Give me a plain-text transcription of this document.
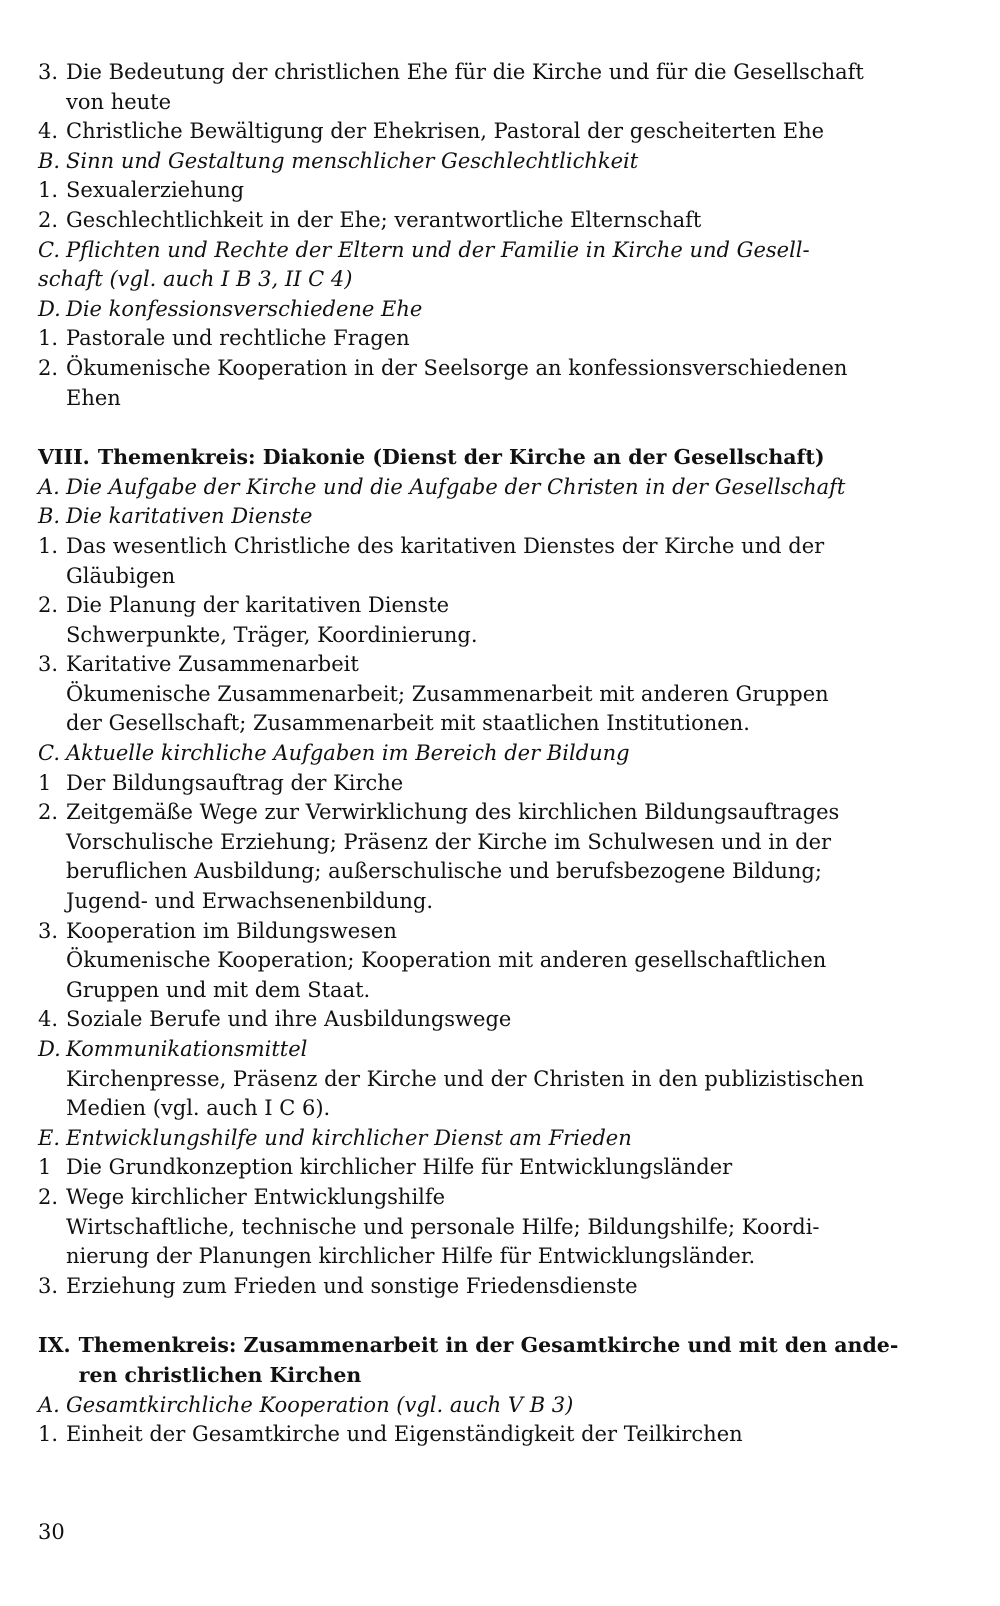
3. Die Bedeutung der christlichen Ehe für die Kirche und für die Gesellschaft
von heute
4. Christliche Bewältigung der Ehekrisen, Pastoral der gescheiterten Ehe
B. Sinn und Gestaltung menschlicher Geschlechtlichkeit
1. Sexualerziehung
2. Geschlechtlichkeit in der Ehe; verantwortliche Elternschaft
C. Pflichten und Rechte der Eltern und der Familie in Kirche und Gesell-
schaft (vgl. auch I B 3, II C 4)
D. Die konfessionsverschiedene Ehe
1. Pastorale und rechtliche Fragen
2. Ökumenische Kooperation in der Seelsorge an konfessionsverschiedenen
Ehen
VIII. Themenkreis: Diakonie (Dienst der Kirche an der Gesellschaft)
A. Die Aufgabe der Kirche und die Aufgabe der Christen in der Gesellschaft
B. Die karitativen Dienste
1. Das wesentlich Christliche des karitativen Dienstes der Kirche und der
Gläubigen
2. Die Planung der karitativen Dienste
Schwerpunkte, Träger, Koordinierung.
3. Karitative Zusammenarbeit
Ökumenische Zusammenarbeit; Zusammenarbeit mit anderen Gruppen
der Gesellschaft; Zusammenarbeit mit staatlichen Institutionen.
C. Aktuelle kirchliche Aufgaben im Bereich der Bildung
1 Der Bildungsauftrag der Kirche
2. Zeitgemäße Wege zur Verwirklichung des kirchlichen Bildungsauftrages
Vorschulische Erziehung; Präsenz der Kirche im Schulwesen und in der
beruflichen Ausbildung; außerschulische und berufsbezogene Bildung;
Jugend- und Erwachsenenbildung.
3. Kooperation im Bildungswesen
Ökumenische Kooperation; Kooperation mit anderen gesellschaftlichen
Gruppen und mit dem Staat.
4. Soziale Berufe und ihre Ausbildungswege
D. Kommunikationsmittel
Kirchenpresse, Präsenz der Kirche und der Christen in den publizistischen
Medien (vgl. auch I C 6).
E. Entwicklungshilfe und kirchlicher Dienst am Frieden
1 Die Grundkonzeption kirchlicher Hilfe für Entwicklungsländer
2. Wege kirchlicher Entwicklungshilfe
Wirtschaftliche, technische und personale Hilfe; Bildungshilfe; Koordi-
nierung der Planungen kirchlicher Hilfe für Entwicklungsländer.
3. Erziehung zum Frieden und sonstige Friedensdienste
IX. Themenkreis: Zusammenarbeit in der Gesamtkirche und mit den ande-
ren christlichen Kirchen
A. Gesamtkirchliche Kooperation (vgl. auch V B 3)
1. Einheit der Gesamtkirche und Eigenständigkeit der Teilkirchen
30
